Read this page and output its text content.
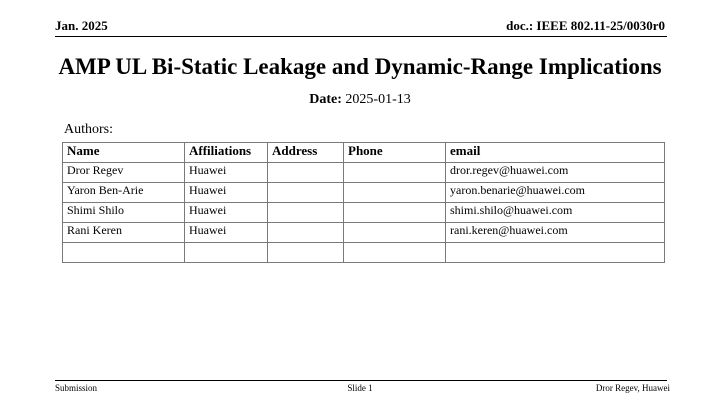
Jan. 2025	doc.: IEEE 802.11-25/0030r0
AMP UL Bi-Static Leakage and Dynamic-Range Implications
Date: 2025-01-13
Authors:
Name	Affiliations	Address	Phone	email
Dror Regev	Huawei			dror.regev@huawei.com
Yaron Ben-Arie	Huawei			yaron.benarie@huawei.com
Shimi Shilo	Huawei			shimi.shilo@huawei.com
Rani Keren	Huawei			rani.keren@huawei.com

Submission	Slide 1	Dror Regev, Huawei
